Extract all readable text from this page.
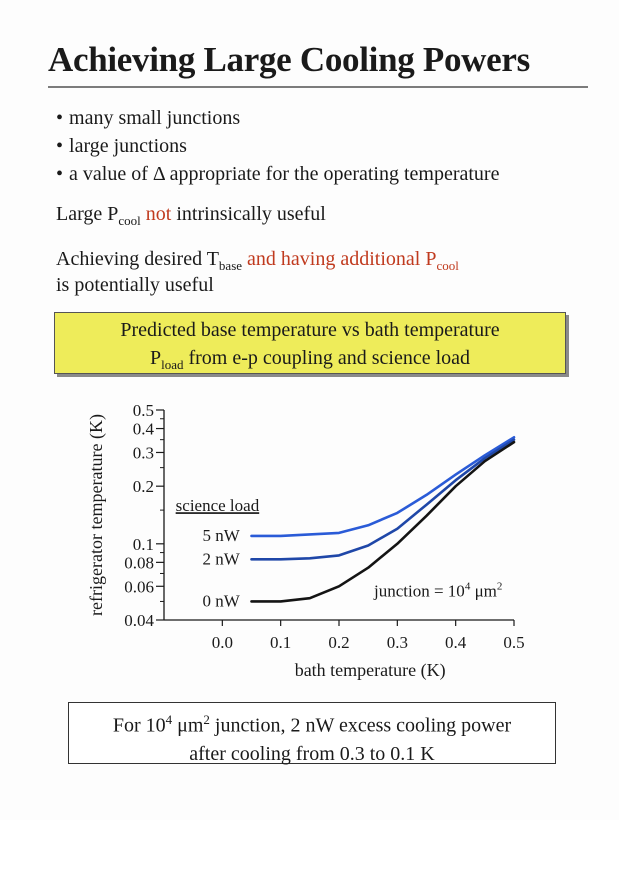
Achieving Large Cooling Powers
• many small junctions
• large junctions
• a value of Δ appropriate for the operating temperature
Large $P_{cool}$ not intrinsically useful
Achieving desired $T_{base}$ and having additional $P_{cool}$
is potentially useful
Predicted base temperature vs bath temperature
$P_{load}$ from e-p coupling and science load
0.04
0.06
0.08
0.1
0.2
0.3
0.4
0.5
0.0 0.1 0.2 0.3 0.4 0.5
science load
5 nW
2 nW
0 nW
refrigerator temperature (K)
bath temperature (K)
junction = $10^4$ $\mu m^2$
For $10^4$ $\mu m^2$ junction, 2 nW excess cooling power
after cooling from 0.3 to 0.1 K
